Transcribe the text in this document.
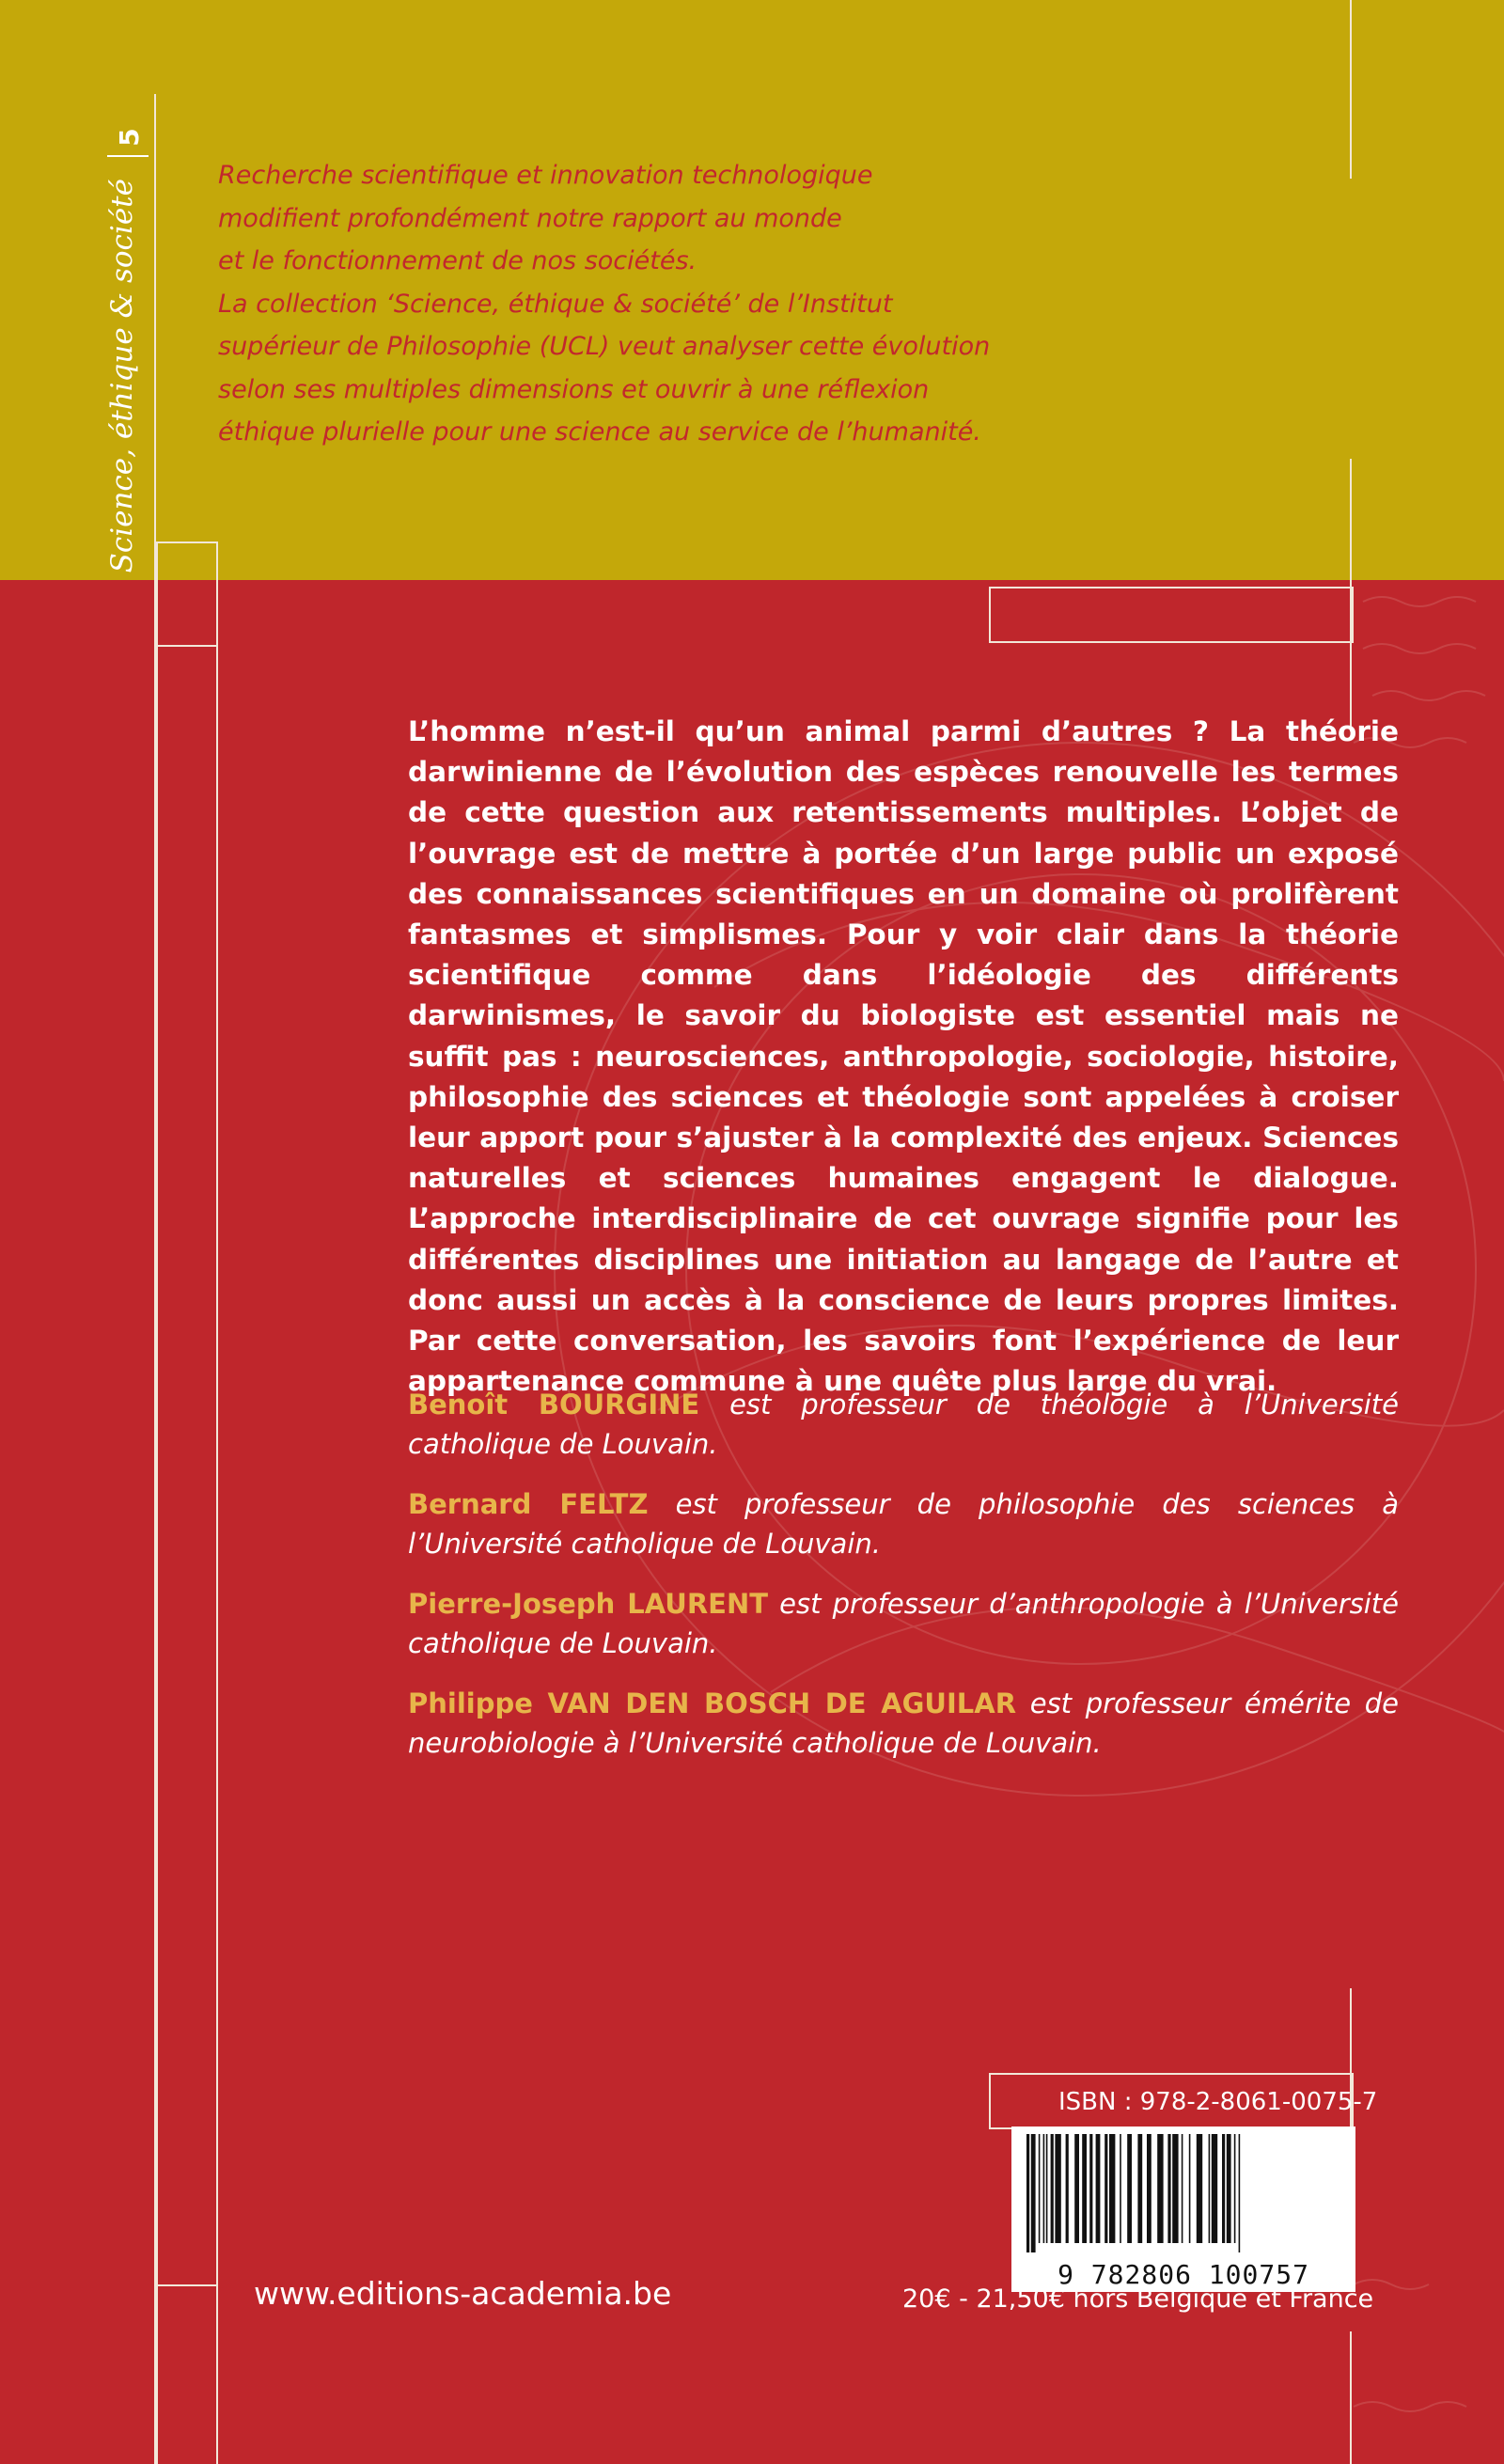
5
Science, éthique & société
Recherche scientifique et innovation technologique
modifient profondément notre rapport au monde
et le fonctionnement de nos sociétés.
La collection ‘Science, éthique & société’ de l’Institut
supérieur de Philosophie (UCL) veut analyser cette évolution
selon ses multiples dimensions et ouvrir à une réflexion
éthique plurielle pour une science au service de l’humanité.

L’homme n’est-il qu’un animal parmi d’autres ? La théorie darwinienne de l’évolution des espèces renouvelle les termes de cette question aux retentissements multiples. L’objet de l’ouvrage est de mettre à portée d’un large public un exposé des connaissances scientifiques en un domaine où prolifèrent fantasmes et simplismes. Pour y voir clair dans la théorie scientifique comme dans l’idéologie des différents darwinismes, le savoir du biologiste est essentiel mais ne suffit pas : neurosciences, anthropologie, sociologie, histoire, philosophie des sciences et théologie sont appelées à croiser leur apport pour s’ajuster à la complexité des enjeux. Sciences naturelles et sciences humaines engagent le dialogue. L’approche interdisciplinaire de cet ouvrage signifie pour les différentes disciplines une initiation au langage de l’autre et donc aussi un accès à la conscience de leurs propres limites. Par cette conversation, les savoirs font l’expérience de leur appartenance commune à une quête plus large du vrai.

Benoît BOURGINE est professeur de théologie à l’Université catholique de Louvain.

Bernard FELTZ est professeur de philosophie des sciences à l’Université catholique de Louvain.

Pierre-Joseph LAURENT est professeur d’anthropologie à l’Université catholique de Louvain.

Philippe VAN DEN BOSCH DE AGUILAR est professeur émérite de neurobiologie à l’Université catholique de Louvain.

ISBN : 978-2-8061-0075-7
9 782806 100757
www.editions-academia.be	20€ - 21,50€ hors Belgique et France
